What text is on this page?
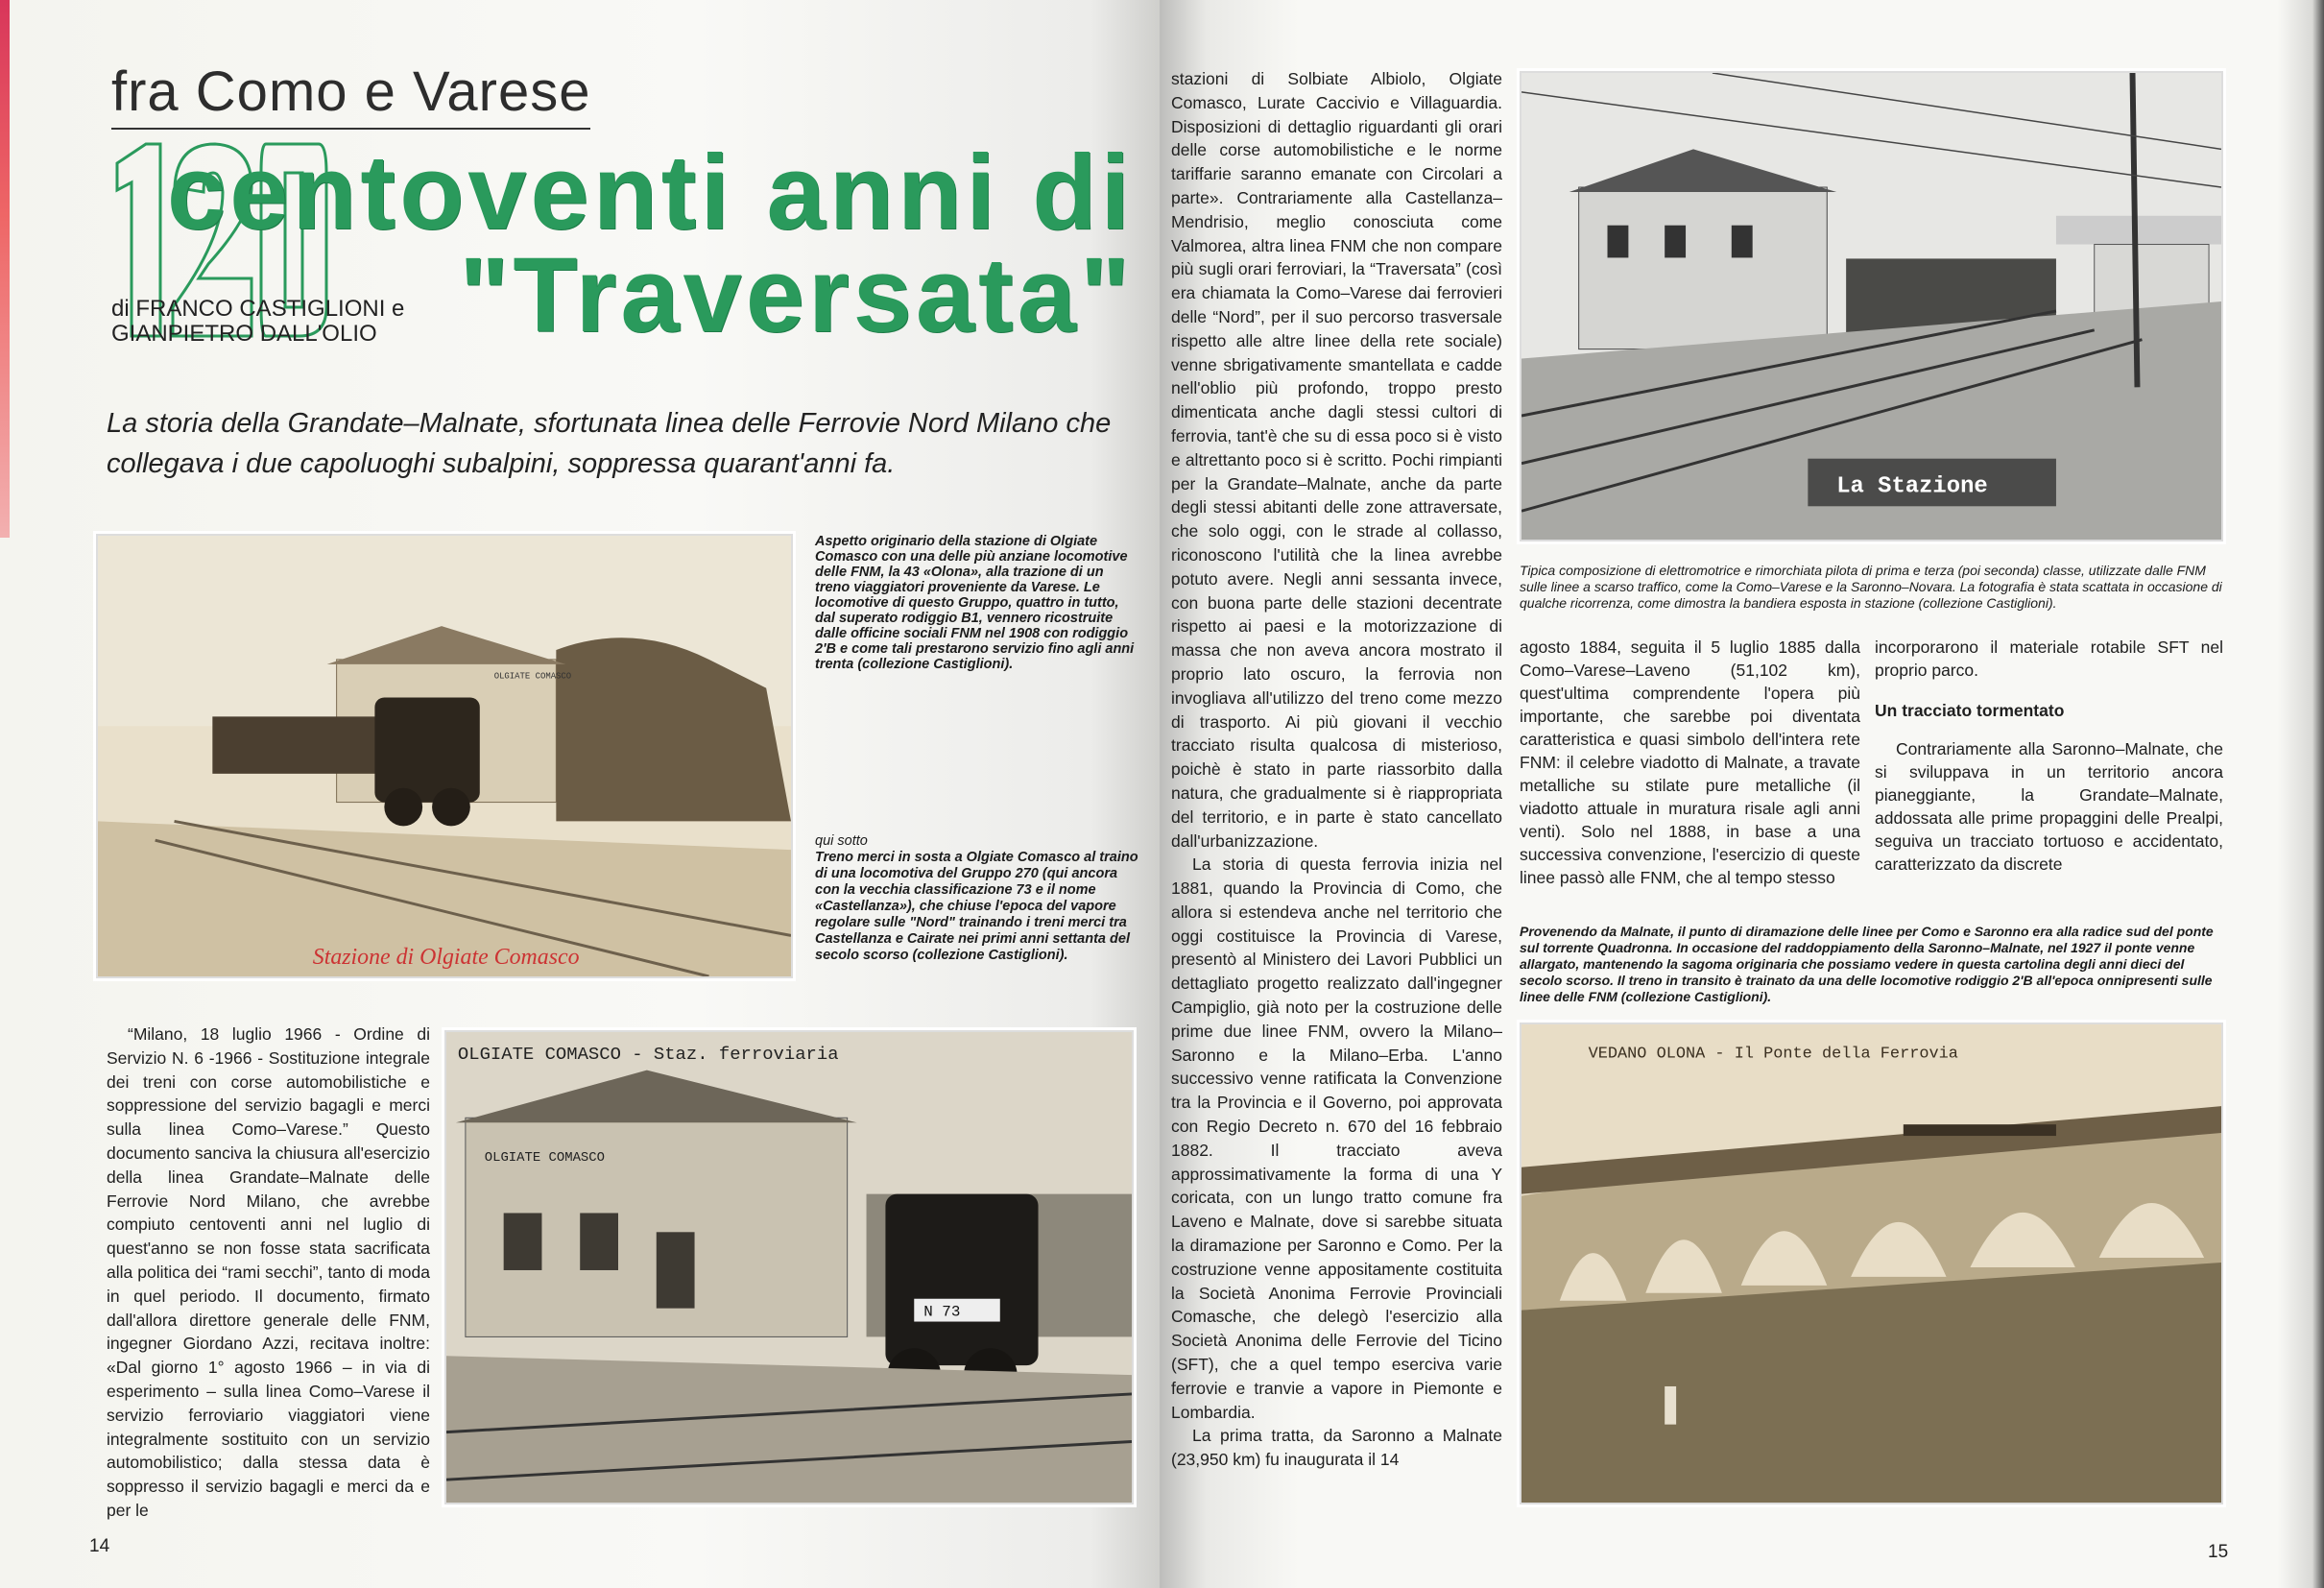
fra Como e Varese
centoventi anni di
"Traversata"
di FRANCO CASTIGLIONI e
GIANPIETRO DALL'OLIO
La storia della Grandate–Malnate, sfortunata linea delle Ferrovie Nord Milano che collegava i due capoluoghi subalpini, soppressa quarant'anni fa.
OLGIATE COMASCO
Stazione di Olgiate Comasco
Aspetto originario della stazione di Olgiate Comasco con una delle più anziane locomotive delle FNM, la 43 «Olona», alla trazione di un treno viaggiatori proveniente da Varese. Le locomotive di questo Gruppo, quattro in tutto, dal superato rodiggio B1, vennero ricostruite dalle officine sociali FNM nel 1908 con rodiggio 2'B e come tali prestarono servizio fino agli anni trenta (collezione Castiglioni).
qui sotto
Treno merci in sosta a Olgiate Comasco al traino di una locomotiva del Gruppo 270 (qui ancora con la vecchia classificazione 73 e il nome «Castellanza»), che chiuse l'epoca del vapore regolare sulle "Nord" trainando i treni merci tra Castellanza e Cairate nei primi anni settanta del secolo scorso (collezione Castiglioni).

“Milano, 18 luglio 1966 - Ordine di Servizio N. 6 -1966 - Sostituzione integrale dei treni con corse automobilistiche e soppressione del servizio bagagli e merci sulla linea Como–Varese.” Questo documento sanciva la chiusura all'esercizio della linea Grandate–Malnate delle Ferrovie Nord Milano, che avrebbe compiuto centoventi anni nel luglio di quest'anno se non fosse stata sacrificata alla politica dei “rami secchi”, tanto di moda in quel periodo. Il documento, firmato dall'allora direttore generale delle FNM, ingegner Giordano Azzi, recitava inoltre: «Dal giorno 1° agosto 1966 – in via di esperimento – sulla linea Como–Varese il servizio ferroviario viaggiatori viene integralmente sostituito con un servizio automobilistico; dalla stessa data è soppresso il servizio bagagli e merci da e per le

N 73
OLGIATE COMASCO
OLGIATE COMASCO - Staz. ferroviaria
14

stazioni di Solbiate Albiolo, Olgiate Comasco, Lurate Caccivio e Villaguardia. Disposizioni di dettaglio riguardanti gli orari delle corse automobilistiche e le norme tariffarie saranno emanate con Circolari a parte». Contrariamente alla Castellanza–Mendrisio, meglio conosciuta come Valmorea, altra linea FNM che non compare più sugli orari ferroviari, la “Traversata” (così era chiamata la Como–Varese dai ferrovieri delle “Nord”, per il suo percorso trasversale rispetto alle altre linee della rete sociale) venne sbrigativamente smantellata e cadde nell'oblio più profondo, troppo presto dimenticata anche dagli stessi cultori di ferrovia, tant'è che su di essa poco si è visto e altrettanto poco si è scritto. Pochi rimpianti per la Grandate–Malnate, anche da parte degli stessi abitanti delle zone attraversate, che solo oggi, con le strade al collasso, riconoscono l'utilità che la linea avrebbe potuto avere. Negli anni sessanta invece, con buona parte delle stazioni decentrate rispetto ai paesi e la motorizzazione di massa che non aveva ancora mostrato il proprio lato oscuro, la ferrovia non invogliava all'utilizzo del treno come mezzo di trasporto. Ai più giovani il vecchio tracciato risulta qualcosa di misterioso, poichè è stato in parte riassorbito dalla natura, che gradualmente si è riappropriata del territorio, e in parte è stato cancellato dall'urbanizzazione.

La storia di questa ferrovia inizia nel 1881, quando la Provincia di Como, che allora si estendeva anche nel territorio che oggi costituisce la Provincia di Varese, presentò al Ministero dei Lavori Pubblici un dettagliato progetto realizzato dall'ingegner Campiglio, già noto per la costruzione delle prime due linee FNM, ovvero la Milano–Saronno e la Milano–Erba. L'anno successivo venne ratificata la Convenzione tra la Provincia e il Governo, poi approvata con Regio Decreto n. 670 del 16 febbraio 1882. Il tracciato aveva approssimativamente la forma di una Y coricata, con un lungo tratto comune fra Laveno e Malnate, dove si sarebbe situata la diramazione per Saronno e Como. Per la costruzione venne appositamente costituita la Società Anonima Ferrovie Provinciali Comasche, che delegò l'esercizio alla Società Anonima delle Ferrovie del Ticino (SFT), che a quel tempo eserciva varie ferrovie e tranvie a vapore in Piemonte e Lombardia.

La prima tratta, da Saronno a Malnate (23,950 km) fu inaugurata il 14

La Stazione
Tipica composizione di elettromotrice e rimorchiata pilota di prima e terza (poi seconda) classe, utilizzate dalle FNM sulle linee a scarso traffico, come la Como–Varese e la Saronno–Novara. La fotografia è stata scattata in occasione di qualche ricorrenza, come dimostra la bandiera esposta in stazione (collezione Castiglioni).

agosto 1884, seguita il 5 luglio 1885 dalla Como–Varese–Laveno (51,102 km), quest'ultima comprendente l'opera più importante, che sarebbe poi diventata caratteristica e quasi simbolo dell'intera rete FNM: il celebre viadotto di Malnate, a travate metalliche su stilate pure metalliche (il viadotto attuale in muratura risale agli anni venti). Solo nel 1888, in base a una successiva convenzione, l'esercizio di queste linee passò alle FNM, che al tempo stesso

incorporarono il materiale rotabile SFT nel proprio parco.

Un tracciato tormentato

Contrariamente alla Saronno–Malnate, che si sviluppava in un territorio ancora pianeggiante, la Grandate–Malnate, addossata alle prime propaggini delle Prealpi, seguiva un tracciato tortuoso e accidentato, caratterizzato da discrete

Provenendo da Malnate, il punto di diramazione delle linee per Como e Saronno era alla radice sud del ponte sul torrente Quadronna. In occasione del raddoppiamento della Saronno–Malnate, nel 1927 il ponte venne allargato, mantenendo la sagoma originaria che possiamo vedere in questa cartolina degli anni dieci del secolo scorso. Il treno in transito è trainato da una delle locomotive rodiggio 2'B all'epoca onnipresenti sulle linee delle FNM (collezione Castiglioni).
VEDANO OLONA - Il Ponte della Ferrovia
15
